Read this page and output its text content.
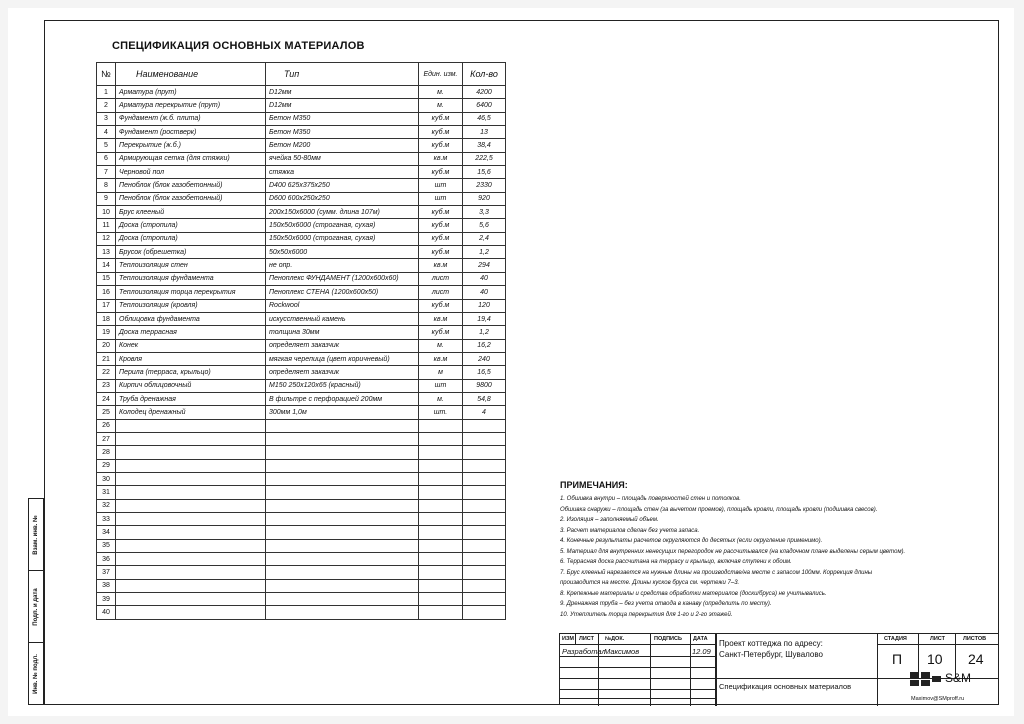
СПЕЦИФИКАЦИЯ ОСНОВНЫХ МАТЕРИАЛОВ
№	Наименование	Тип	Един. изм.	Кол-во
1	Арматура (прут)	D12мм	м.	4200
2	Арматура перекрытие (прут)	D12мм	м.	6400
3	Фундамент (ж.б. плита)	Бетон М350	куб.м	46,5
4	Фундамент (ростверк)	Бетон М350	куб.м	13
5	Перекрытие (ж.б.)	Бетон М200	куб.м	38,4
6	Армирующая сетка (для стяжки)	ячейка 50-80мм	кв.м	222,5
7	Черновой пол	стяжка	куб.м	15,6
8	Пеноблок (блок газобетонный)	D400 625х375х250	шт	2330
9	Пеноблок (блок газобетонный)	D600 600х250х250	шт	920
10	Брус клееный	200х150х6000 (сумм. длина 107м)	куб.м	3,3
11	Доска (стропила)	150х50х6000 (строганая, сухая)	куб.м	5,6
12	Доска (стропила)	150х50х6000 (строганая, сухая)	куб.м	2,4
13	Брусок (обрешетка)	50х50х6000	куб.м	1,2
14	Теплоизоляция стен	не опр.	кв.м	294
15	Теплоизоляция фундамента	Пеноплекс ФУНДАМЕНТ (1200х600х60)	лист	40
16	Теплоизоляция торца перекрытия	Пеноплекс СТЕНА (1200х600х50)	лист	40
17	Теплоизоляция (кровля)	Rockwool	куб.м	120
18	Облицовка фундамента	искусственный камень	кв.м	19,4
19	Доска террасная	толщина 30мм	куб.м	1,2
20	Конек	определяет заказчик	м.	16,2
21	Кровля	мягкая черепица (цвет коричневый)	кв.м	240
22	Перила (терраса, крыльцо)	определяет заказчик	м	16,5
23	Кирпич облицовочный	М150 250х120х65 (красный)	шт	9800
24	Труба дренажная	В фильтре с перфорацией 200мм	м.	54,8
25	Колодец дренажный	300мм 1,0м	шт.	4
26				
27				
28				
29				
30				
31				
32				
33				
34				
35				
36				
37				
38				
39				
40				
ПРИМЕЧАНИЯ:
1. Обшивка внутри – площадь поверхностей стен и потолков.
Обшивка снаружи – площадь стен (за вычетом проемов), площадь кровли, площадь кровли (подшивка свесов).
2. Изоляция – заполняемый объем.
3. Расчет материалов сделан без учета запаса.
4. Конечные результаты расчетов округляются до десятых (если округление применимо).
5. Материал для внутренних ненесущих перегородок не рассчитывался (на кладочном плане выделены серым цветом).
6. Террасная доска рассчитана на террасу и крыльцо, включая ступени к обоим.
7. Брус клееный нарезается на нужные длины на производстве/на месте с запасом 100мм. Коррекция длины
производится на месте. Длины кусков бруса см. чертежи 7–3.
8. Крепежные материалы и средства обработки материалов (доски/бруса) не учитывались.
9. Дренажная труба – без учета отвода в канаву (определить по месту).
10. Утеплитель торца перекрытия для 1-го и 2-го этажей.
Взам. инв. №
Подп. и дата
Инв. № подл.
ИЗМ ЛИСТ №ДОК.	ПОДПИСЬ ДАТА
Разработал
Максимов	12.09
Проект коттеджа по адресу:
Санкт-Петербург, Шувалово
Спецификация основных материалов
СТАДИЯ	ЛИСТ	ЛИСТОВ
П 10 24
S&M
Maximov@SMproff.ru
